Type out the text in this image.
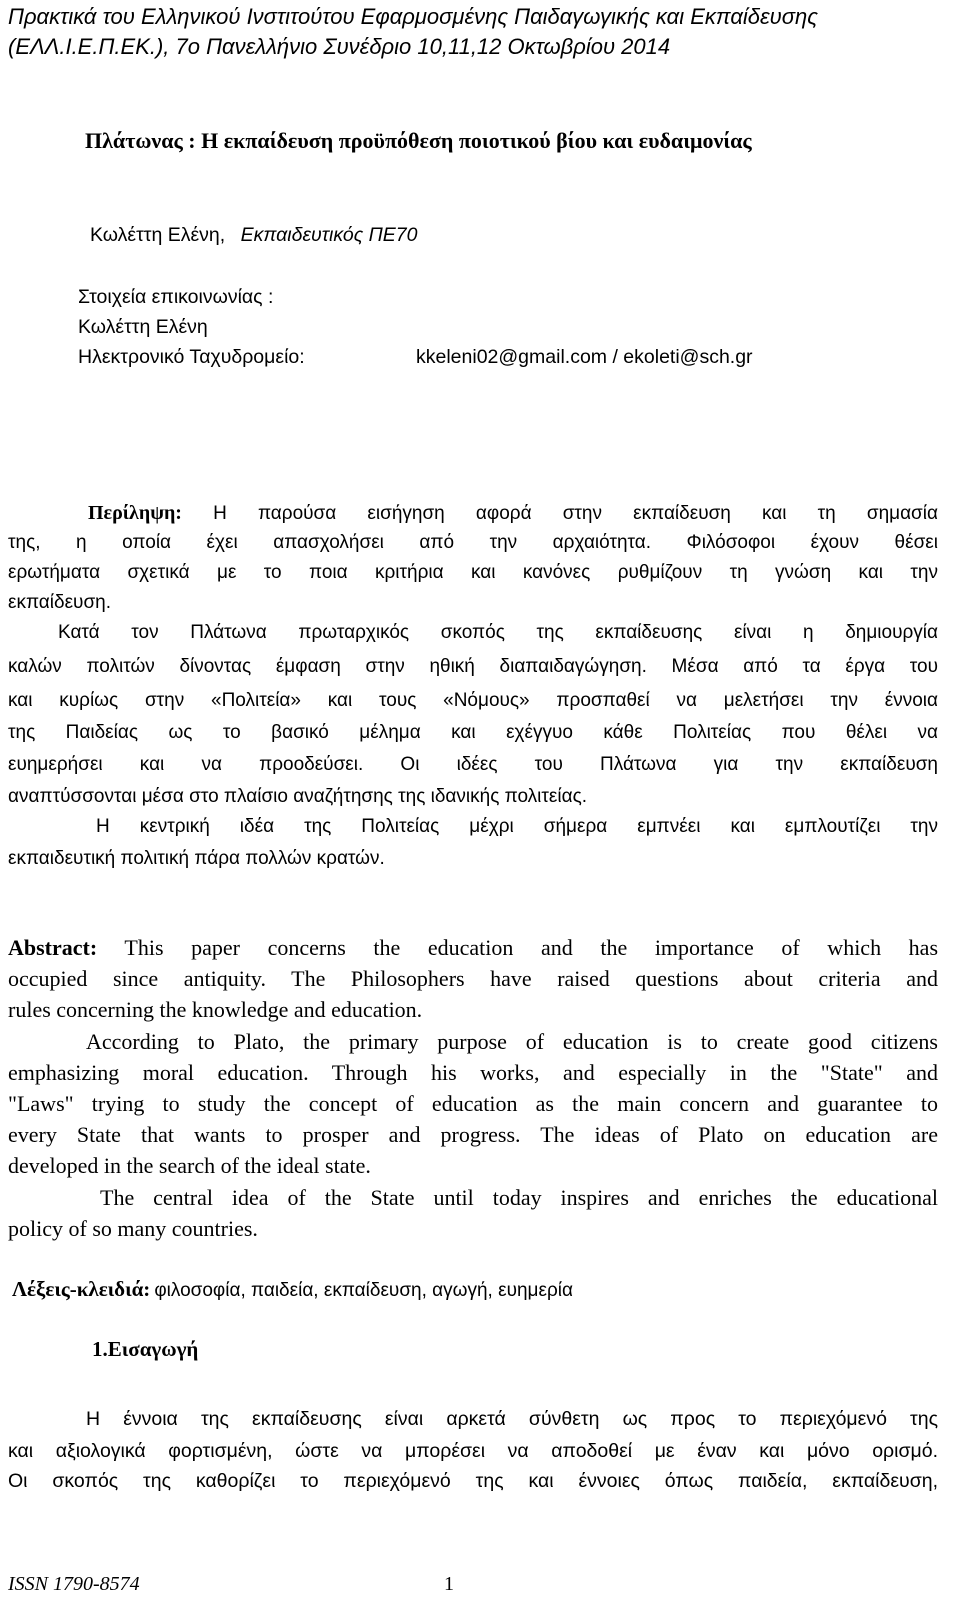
Πρακτικά του Ελληνικού Ινστιτούτου Εφαρμοσμένης Παιδαγωγικής και Εκπαίδευσης
(ΕΛΛ.Ι.Ε.Π.ΕΚ.), 7ο Πανελλήνιο Συνέδριο 10,11,12 Οκτωβρίου 2014
Πλάτωνας : Η εκπαίδευση προϋπόθεση ποιοτικού βίου και ευδαιμονίας
Κωλέττη Ελένη, Εκπαιδευτικός ΠΕ70
Στοιχεία επικοινωνίας :
Κωλέττη Ελένη
Ηλεκτρονικό Ταχυδρομείο:	kkeleni02@gmail.com / ekoleti@sch.gr
Περίληψη: Η παρούσα εισήγηση αφορά στην εκπαίδευση και τη σημασία
της, η οποία έχει απασχολήσει από την αρχαιότητα. Φιλόσοφοι έχουν θέσει
ερωτήματα σχετικά με το ποια κριτήρια και κανόνες ρυθμίζουν τη γνώση και την
εκπαίδευση.
Κατά τον Πλάτωνα πρωταρχικός σκοπός της εκπαίδευσης είναι η δημιουργία
καλών πολιτών δίνοντας έμφαση στην ηθική διαπαιδαγώγηση. Μέσα από τα έργα του
και κυρίως στην «Πολιτεία» και τους «Νόμους» προσπαθεί να μελετήσει την έννοια
της Παιδείας ως το βασικό μέλημα και εχέγγυο κάθε Πολιτείας που θέλει να
ευημερήσει και να προοδεύσει. Οι ιδέες του Πλάτωνα για την εκπαίδευση
αναπτύσσονται μέσα στο πλαίσιο αναζήτησης της ιδανικής πολιτείας.
Η κεντρική ιδέα της Πολιτείας μέχρι σήμερα εμπνέει και εμπλουτίζει την
εκπαιδευτική πολιτική πάρα πολλών κρατών.
Abstract: This paper concerns the education and the importance of which has
occupied since antiquity. The Philosophers have raised questions about criteria and
rules concerning the knowledge and education.
According to Plato, the primary purpose of education is to create good citizens
emphasizing moral education. Through his works, and especially in the "State" and
"Laws" trying to study the concept of education as the main concern and guarantee to
every State that wants to prosper and progress. The ideas of Plato on education are
developed in the search of the ideal state.
The central idea of the State until today inspires and enriches the educational
policy of so many countries.
Λέξεις-κλειδιά: φιλοσοφία, παιδεία, εκπαίδευση, αγωγή, ευημερία
1.Εισαγωγή
Η έννοια της εκπαίδευσης είναι αρκετά σύνθετη ως προς το περιεχόμενό της
και αξιολογικά φορτισμένη, ώστε να μπορέσει να αποδοθεί με έναν και μόνο ορισμό.
Οι σκοπός της καθορίζει το περιεχόμενό της και έννοιες όπως παιδεία, εκπαίδευση,
ISSN 1790-8574	1
